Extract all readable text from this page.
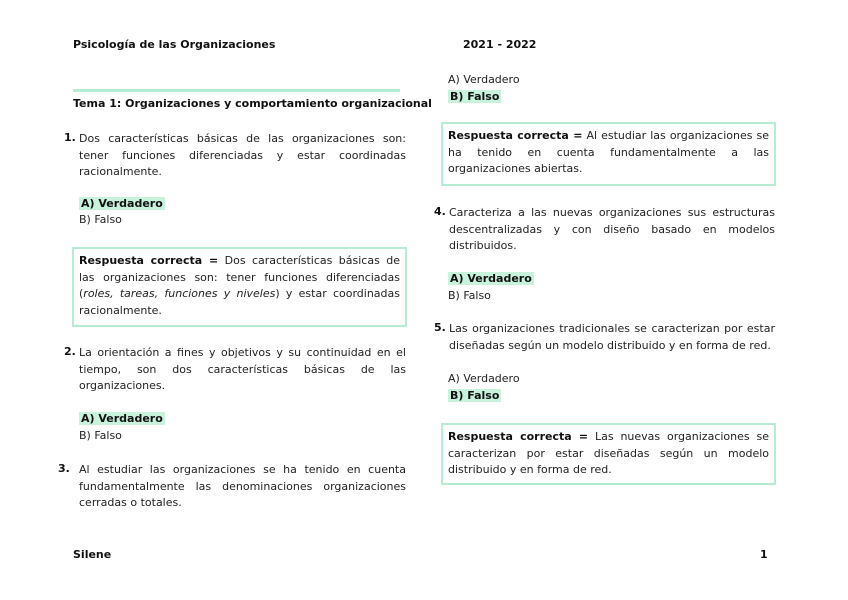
Psicología de las Organizaciones	2021 - 2022
Tema 1: Organizaciones y comportamiento organizacional
1. Dos características básicas de las organizaciones son: tener funciones diferenciadas y estar coordinadas racionalmente.
A) Verdadero
B) Falso
Respuesta correcta = Dos características básicas de las organizaciones son: tener funciones diferenciadas (roles, tareas, funciones y niveles) y estar coordinadas racionalmente.
2. La orientación a fines y objetivos y su continuidad en el tiempo, son dos características básicas de las organizaciones.
A) Verdadero
B) Falso
3. Al estudiar las organizaciones se ha tenido en cuenta fundamentalmente las denominaciones organizaciones cerradas o totales.
A) Verdadero
B) Falso
Respuesta correcta = Al estudiar las organizaciones se ha tenido en cuenta fundamentalmente a las organizaciones abiertas.
4. Caracteriza a las nuevas organizaciones sus estructuras descentralizadas y con diseño basado en modelos distribuidos.
A) Verdadero
B) Falso
5. Las organizaciones tradicionales se caracterizan por estar diseñadas según un modelo distribuido y en forma de red.
A) Verdadero
B) Falso
Respuesta correcta = Las nuevas organizaciones se caracterizan por estar diseñadas según un modelo distribuido y en forma de red.
Silene	1
